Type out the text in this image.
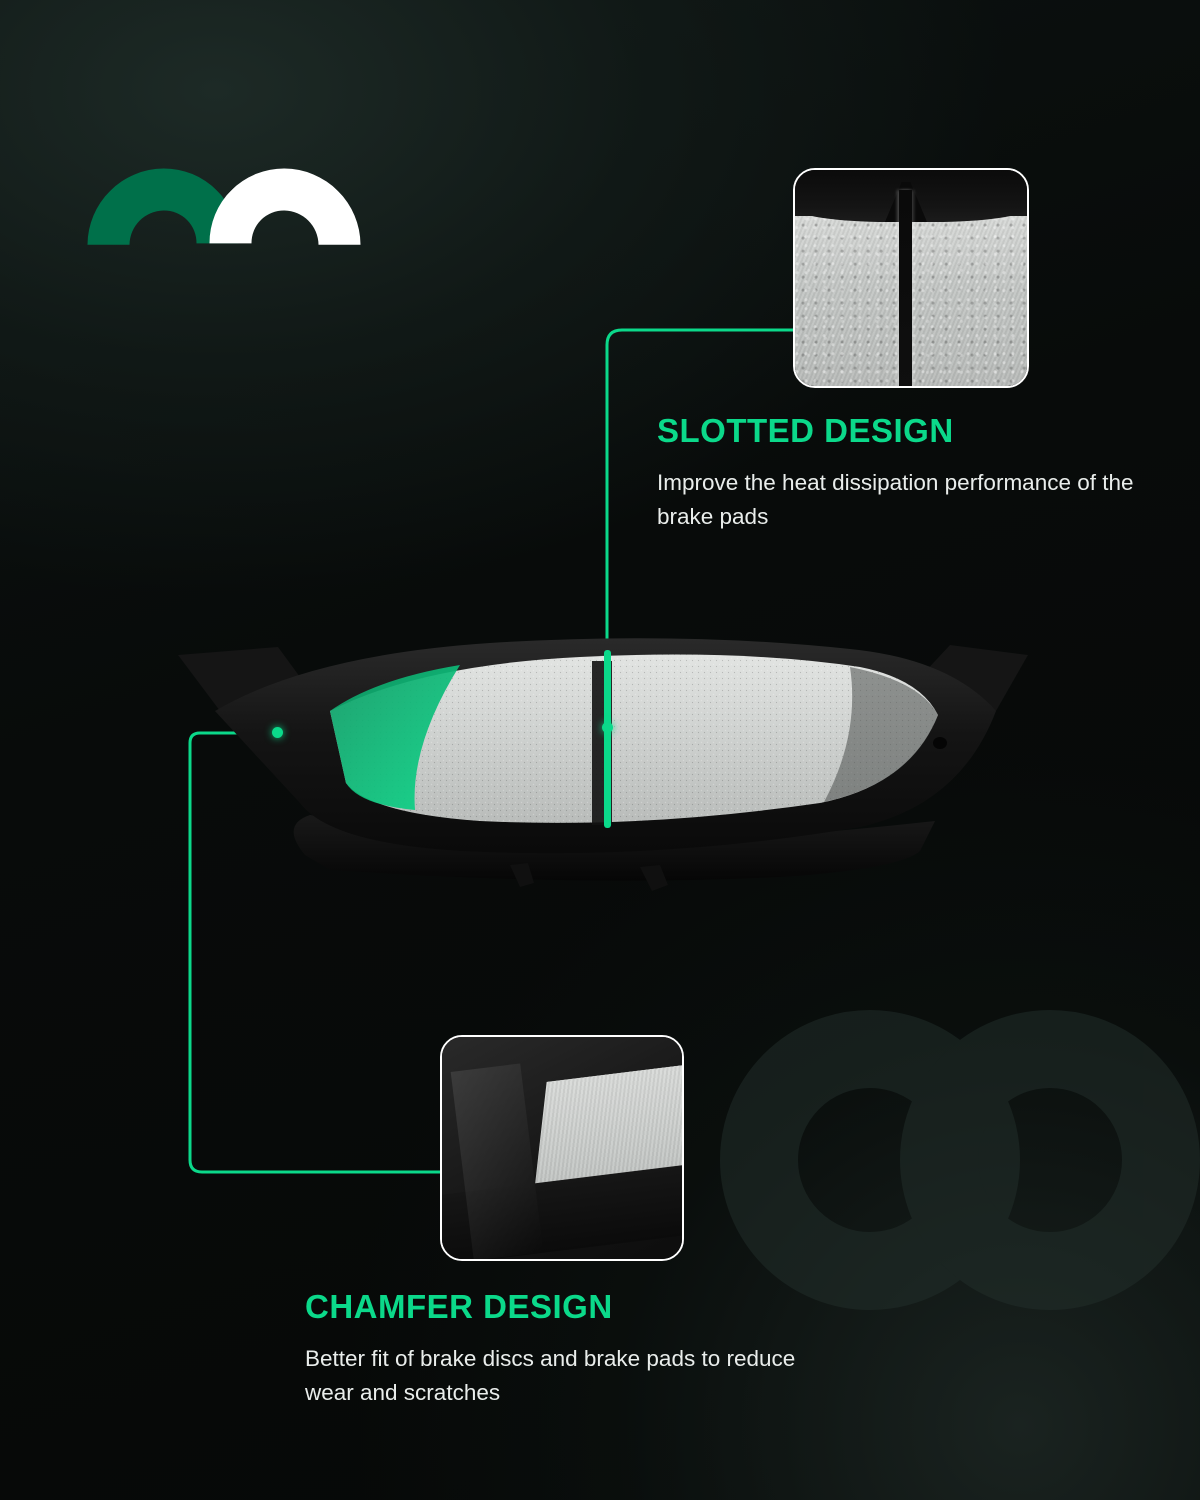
SLOTTED DESIGN
Improve the heat dissipation performance of the brake pads
CHAMFER DESIGN
Better fit of brake discs and brake pads to reduce wear and scratches
